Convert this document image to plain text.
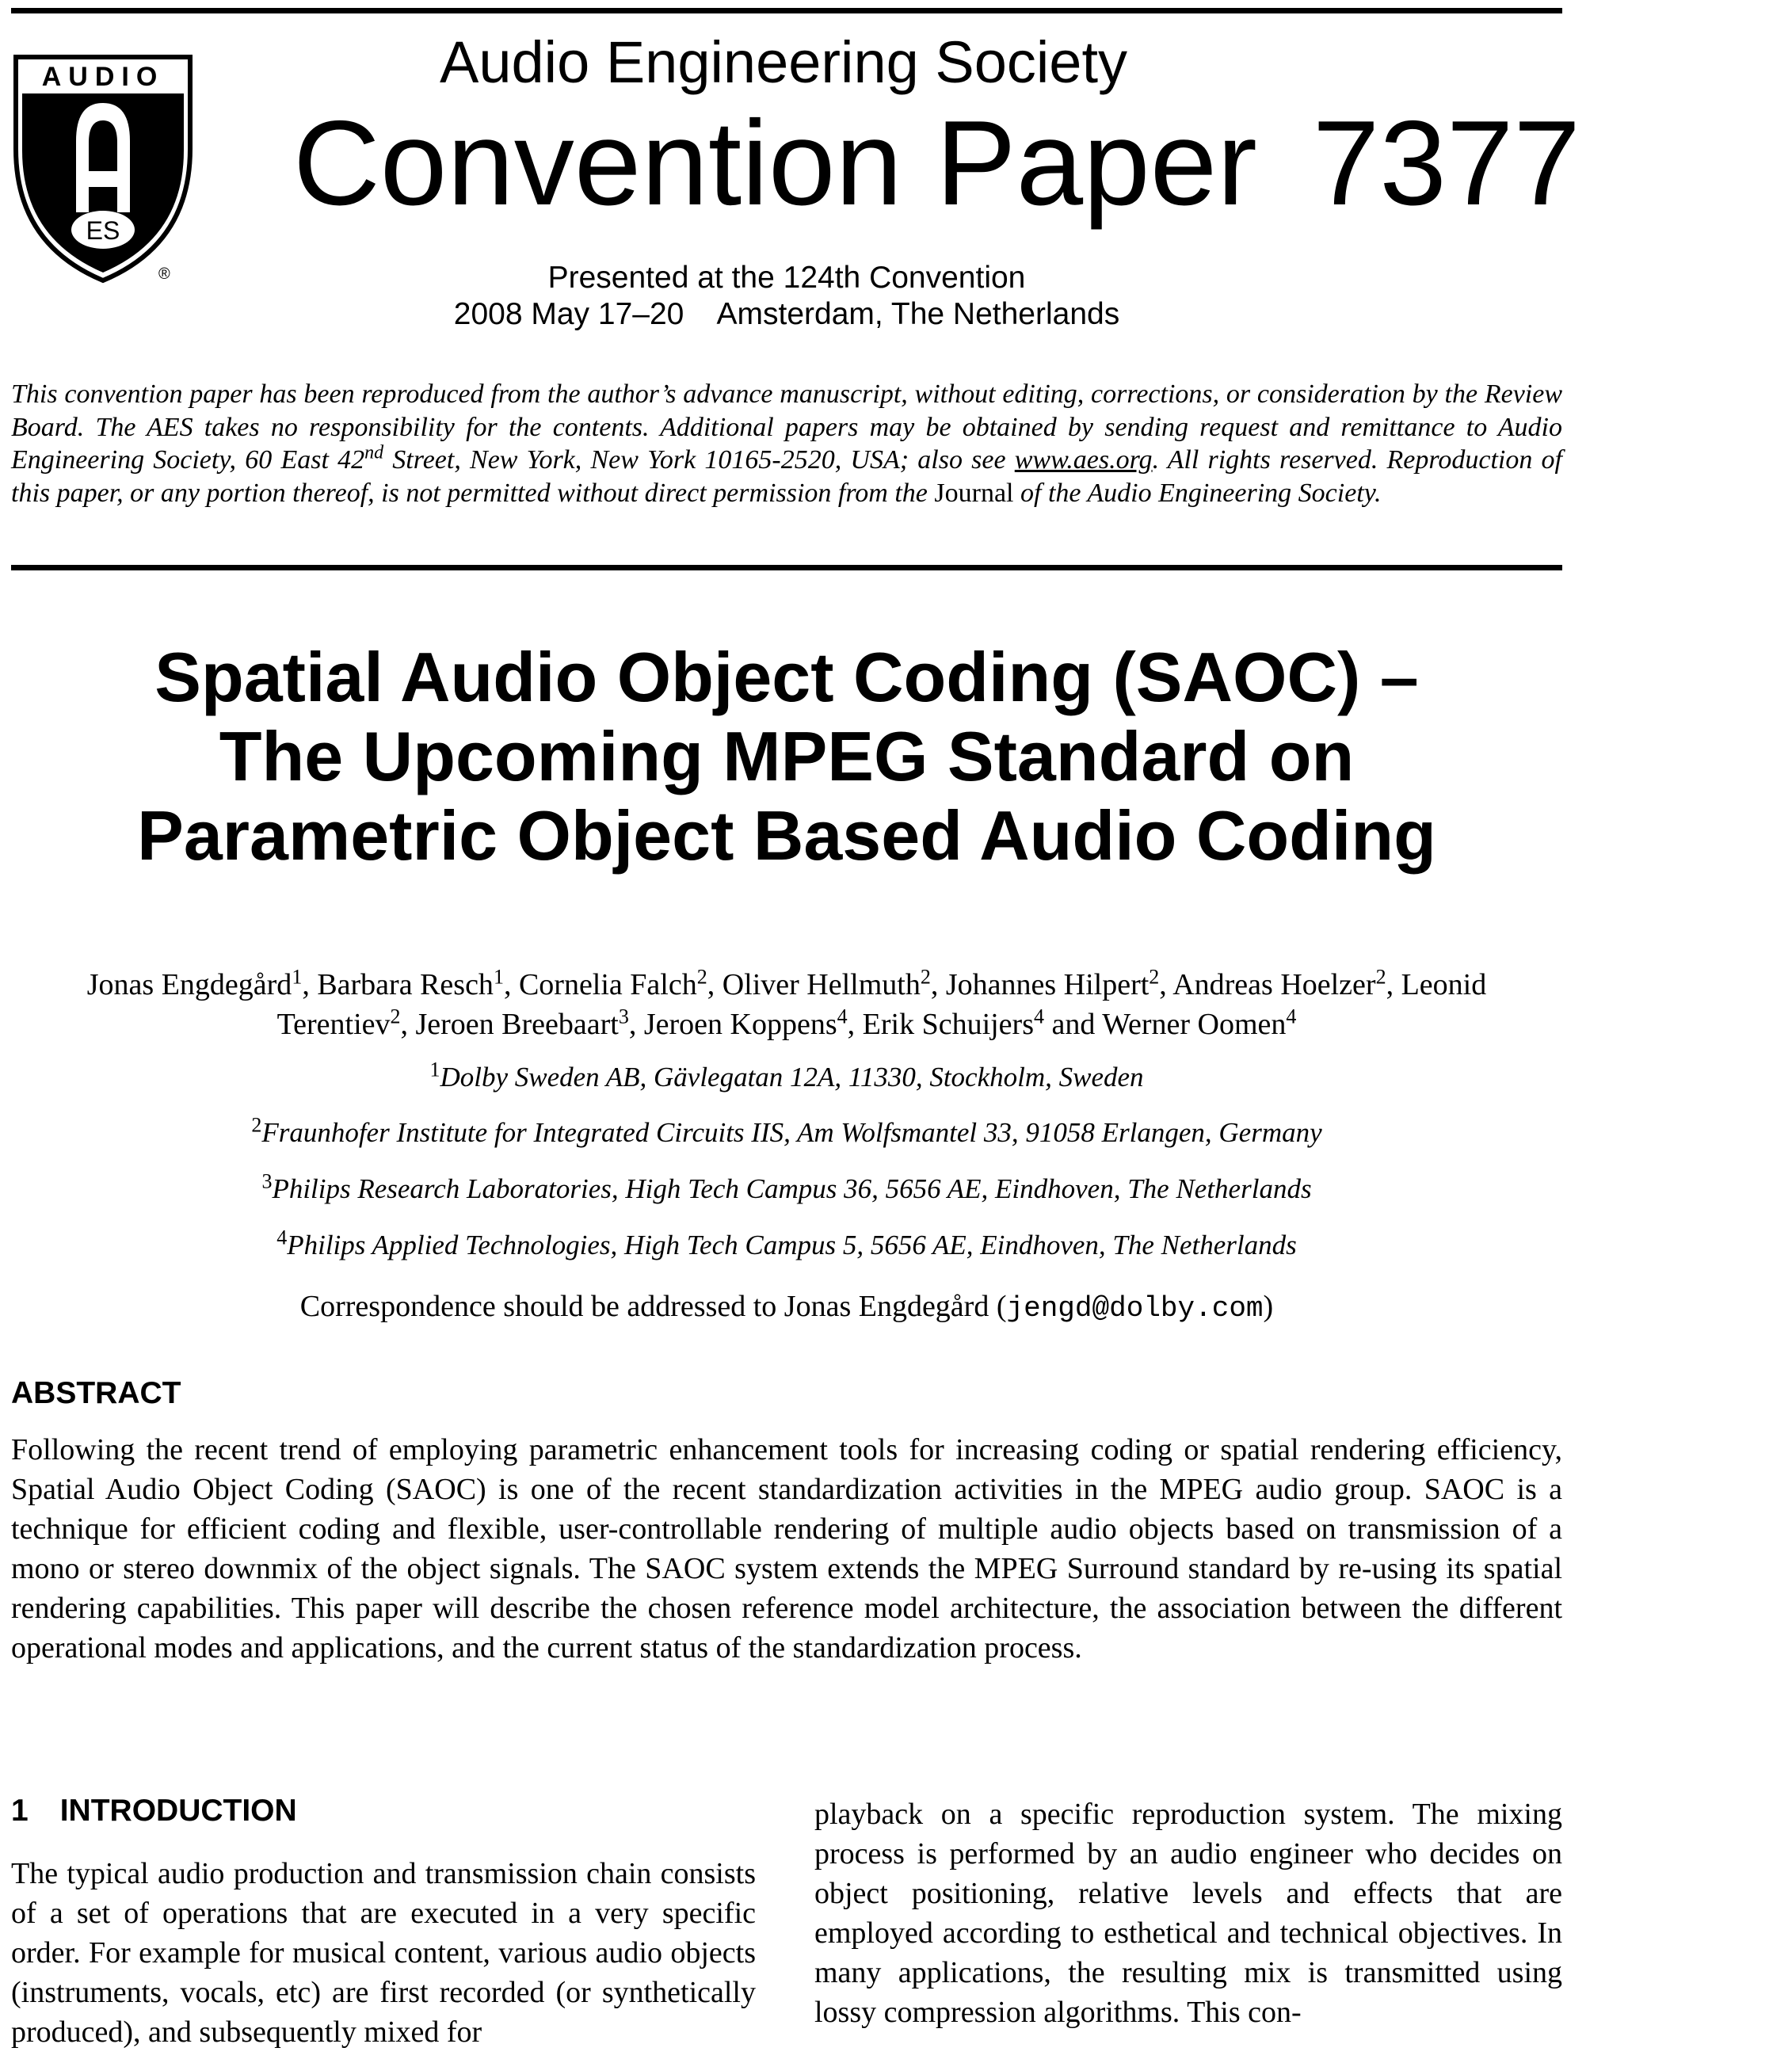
AUDIO
ES
®
Audio Engineering Society
Convention Paper 7377
Presented at the 124th Convention
2008 May 17–20    Amsterdam, The Netherlands
This convention paper has been reproduced from the author’s advance manuscript, without editing, corrections, or consideration by the Review Board. The AES takes no responsibility for the contents. Additional papers may be obtained by sending request and remittance to Audio Engineering Society, 60 East 42nd Street, New York, New York 10165-2520, USA; also see www.aes.org. All rights reserved. Reproduction of this paper, or any portion thereof, is not permitted without direct permission from the Journal of the Audio Engineering Society.
Spatial Audio Object Coding (SAOC) –
The Upcoming MPEG Standard on
Parametric Object Based Audio Coding
Jonas Engdegård$^1$, Barbara Resch$^1$, Cornelia Falch$^2$, Oliver Hellmuth$^2$, Johannes Hilpert$^2$, Andreas Hoelzer$^2$, Leonid Terentiev$^2$, Jeroen Breebaart$^3$, Jeroen Koppens$^4$, Erik Schuijers$^4$ and Werner Oomen$^4$
$^1$Dolby Sweden AB, Gävlegatan 12A, 11330, Stockholm, Sweden
$^2$Fraunhofer Institute for Integrated Circuits IIS, Am Wolfsmantel 33, 91058 Erlangen, Germany
$^3$Philips Research Laboratories, High Tech Campus 36, 5656 AE, Eindhoven, The Netherlands
$^4$Philips Applied Technologies, High Tech Campus 5, 5656 AE, Eindhoven, The Netherlands
Correspondence should be addressed to Jonas Engdegård (jengd@dolby.com)
ABSTRACT
Following the recent trend of employing parametric enhancement tools for increasing coding or spatial rendering efficiency, Spatial Audio Object Coding (SAOC) is one of the recent standardization activities in the MPEG audio group. SAOC is a technique for efficient coding and flexible, user-controllable rendering of multiple audio objects based on transmission of a mono or stereo downmix of the object signals. The SAOC system extends the MPEG Surround standard by re-using its spatial rendering capabilities. This paper will describe the chosen reference model architecture, the association between the different operational modes and applications, and the current status of the standardization process.
1 INTRODUCTION
The typical audio production and transmission chain consists of a set of operations that are executed in a very specific order. For example for musical content, various audio objects (instruments, vocals, etc) are first recorded (or synthetically produced), and subsequently mixed for
playback on a specific reproduction system. The mixing process is performed by an audio engineer who decides on object positioning, relative levels and effects that are employed according to esthetical and technical objectives. In many applications, the resulting mix is transmitted using lossy compression algorithms. This con-
